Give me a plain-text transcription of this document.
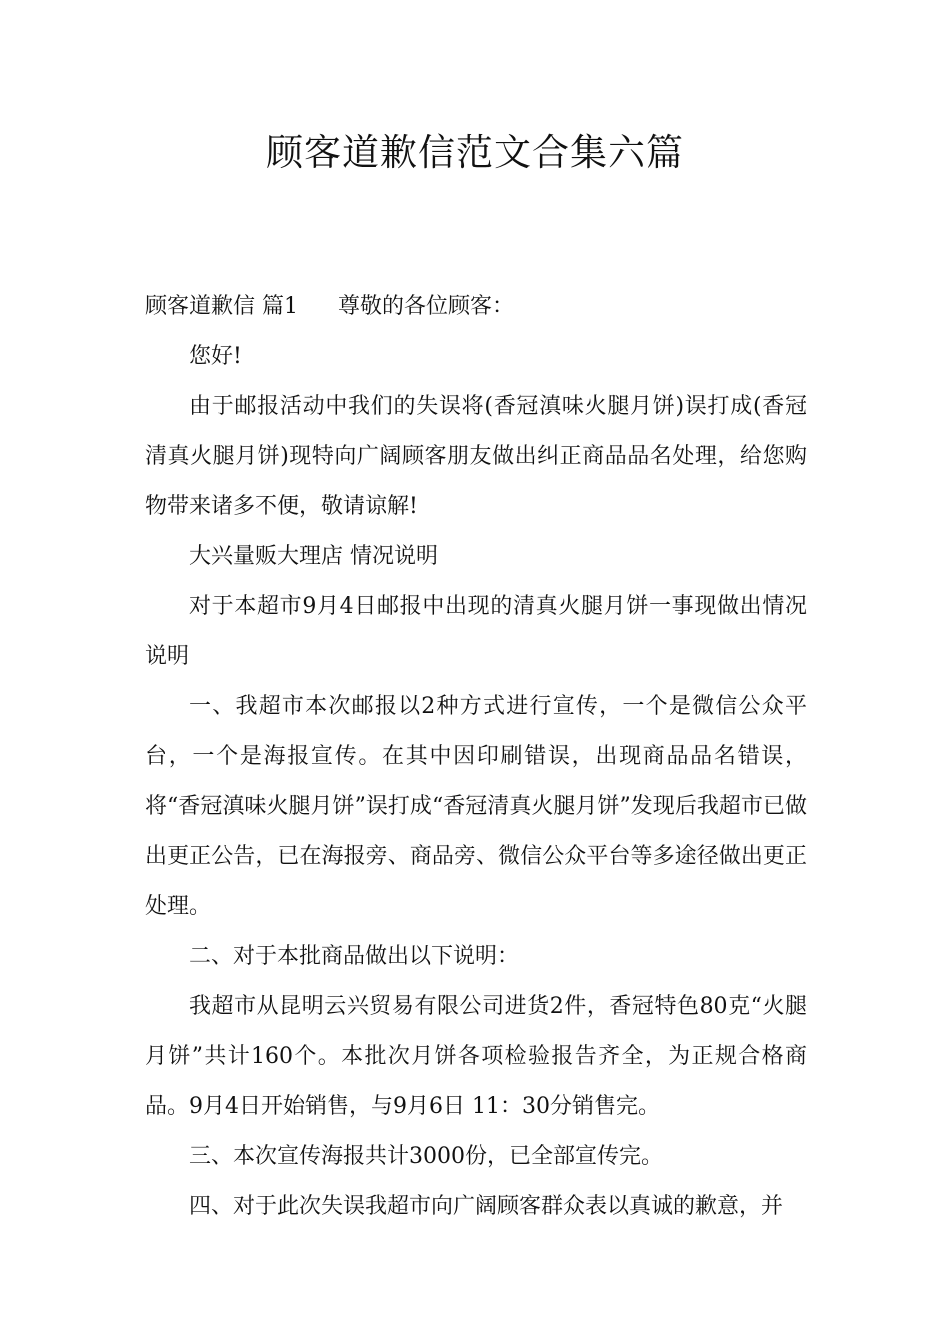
顾客道歉信范文合集六篇

顾客道歉信 篇1 尊敬的各位顾客：

您好!

由于邮报活动中我们的失误将(香冠滇味火腿月饼)误打成(香冠清真火腿月饼)现特向广阔顾客朋友做出纠正商品品名处理，给您购物带来诸多不便，敬请谅解!

大兴量贩大理店 情况说明

对于本超市9月4日邮报中出现的清真火腿月饼一事现做出情况说明

一、我超市本次邮报以2种方式进行宣传，一个是微信公众平台，一个是海报宣传。在其中因印刷错误，出现商品品名错误，将“香冠滇味火腿月饼”误打成“香冠清真火腿月饼”发现后我超市已做出更正公告，已在海报旁、商品旁、微信公众平台等多途径做出更正处理。

二、对于本批商品做出以下说明：

我超市从昆明云兴贸易有限公司进货2件，香冠特色80克“火腿月饼”共计160个。本批次月饼各项检验报告齐全，为正规合格商品。9月4日开始销售，与9月6日 11：30分销售完。

三、本次宣传海报共计3000份，已全部宣传完。

四、对于此次失误我超市向广阔顾客群众表以真诚的歉意，并
